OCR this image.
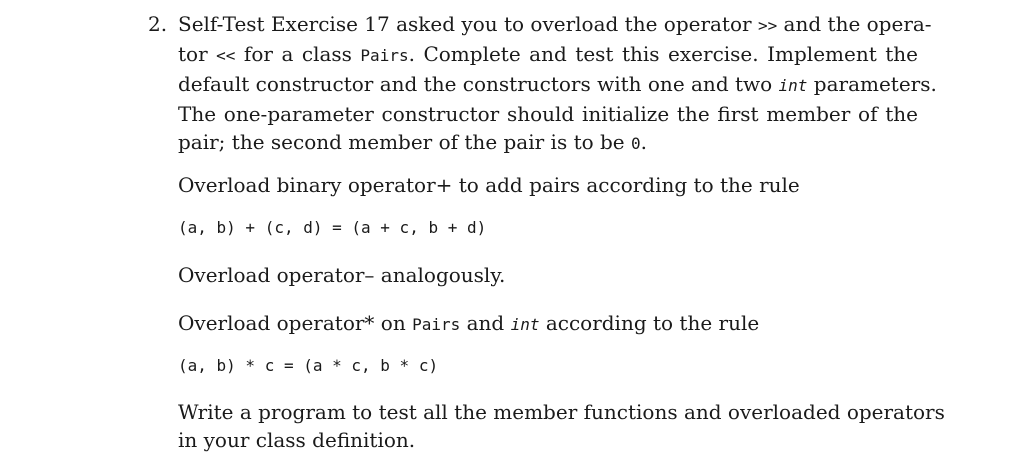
2. Self-Test Exercise 17 asked you to overload the operator >> and the opera-
tor << for a class Pairs. Complete and test this exercise. Implement the
default constructor and the constructors with one and two int parameters.
The one-parameter constructor should initialize the first member of the
pair; the second member of the pair is to be 0.
Overload binary operator+ to add pairs according to the rule
(a, b) + (c, d) = (a + c, b + d)
Overload operator– analogously.
Overload operator* on Pairs and int according to the rule
(a, b) * c = (a * c, b * c)
Write a program to test all the member functions and overloaded operators
in your class definition.
